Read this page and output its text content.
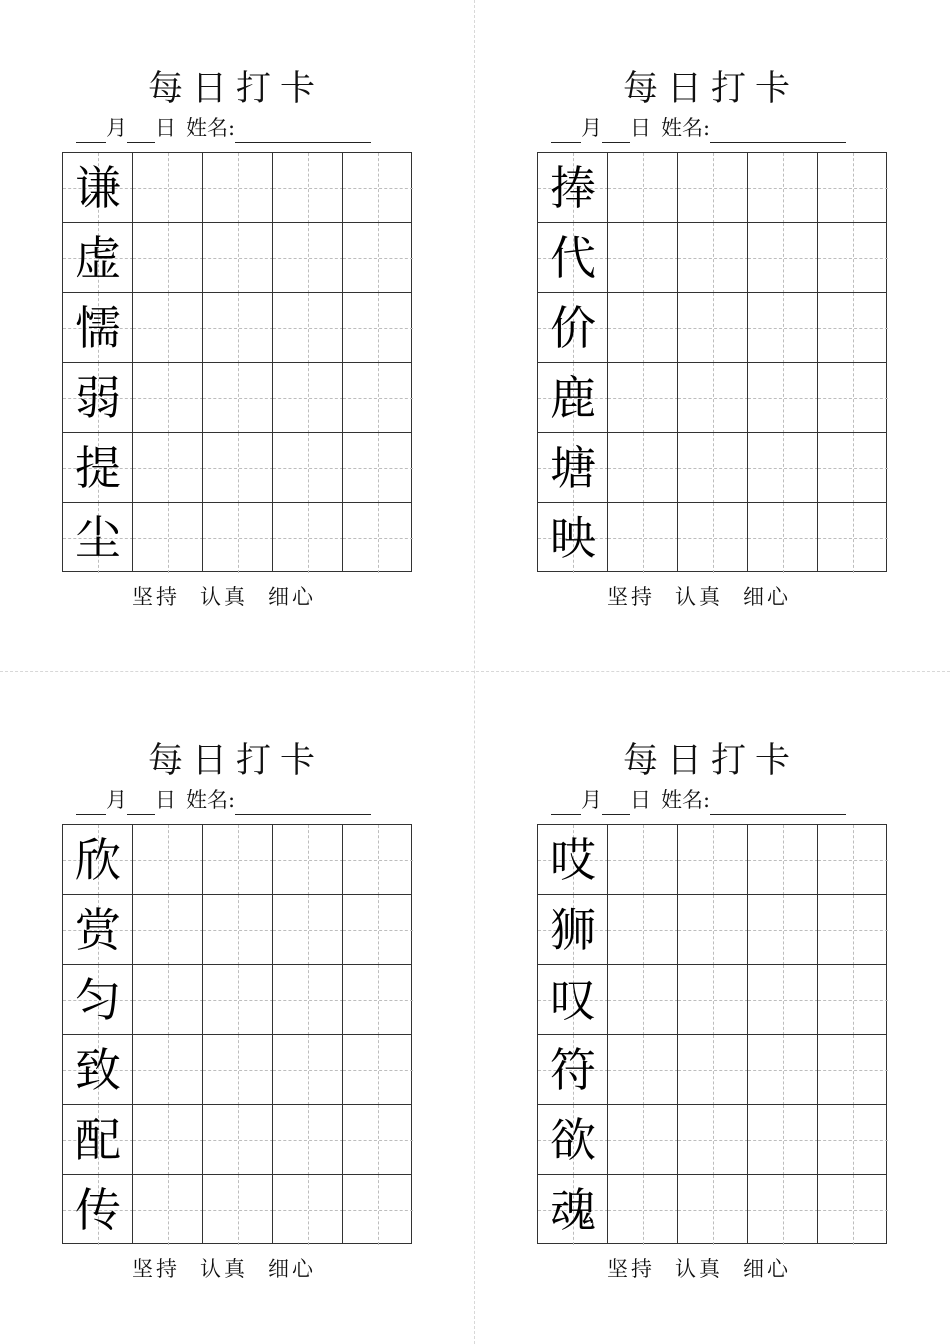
每日打卡
月 日 姓名:
谦
虚
懦
弱
提
尘
坚持 认真 细心
每日打卡
月 日 姓名:
捧
代
价
鹿
塘
映
坚持 认真 细心
每日打卡
月 日 姓名:
欣
赏
匀
致
配
传
坚持 认真 细心
每日打卡
月 日 姓名:
哎
狮
叹
符
欲
魂
坚持 认真 细心
